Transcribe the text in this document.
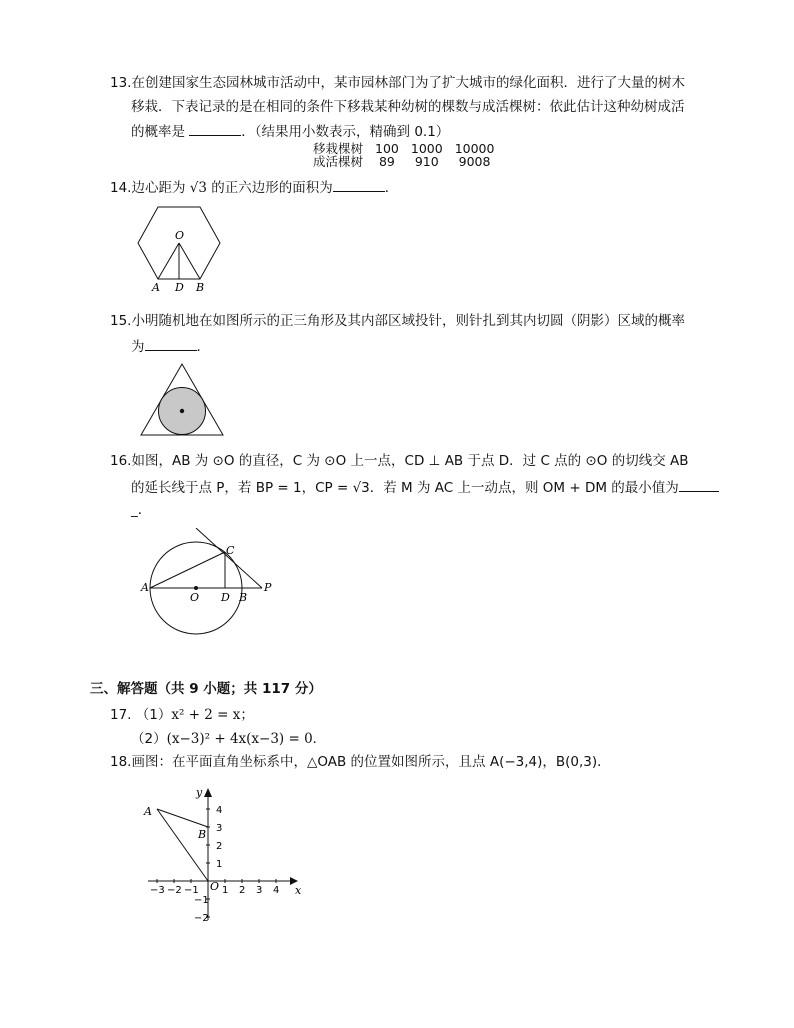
13.在创建国家生态园林城市活动中，某市园林部门为了扩大城市的绿化面积．进行了大量的树木
移栽．下表记录的是在相同的条件下移栽某种幼树的棵数与成活棵树：依此估计这种幼树成活
的概率是	．（结果用小数表示，精确到 0.1）
移栽棵树	100	1000	10000
成活棵树	89	910	9008
14.边心距为 √3 的正六边形的面积为	．
O
A D B
15.小明随机地在如图所示的正三角形及其内部区域投针，则针扎到其内切圆（阴影）区域的概率
为	．
16.如图，AB 为 ⊙O 的直径，C 为 ⊙O 上一点，CD ⊥ AB 于点 D．过 C 点的 ⊙O 的切线交 AB
的延长线于点 P，若 BP = 1，CP = √3．若 M 为 AC 上一动点，则 OM + DM 的最小值为
_．
A
O D B
P
C
三、解答题（共 9 小题；共 117 分）
17. （1）x² + 2 = x；
（2）(x−3)² + 4x(x−3) = 0．
18.画图：在平面直角坐标系中，△OAB 的位置如图所示，且点 A(−3,4)，B(0,3)．
A
B
O	x
y
−3 −2 −1 1 2 3 4
4
3
2
1
−1
−2
